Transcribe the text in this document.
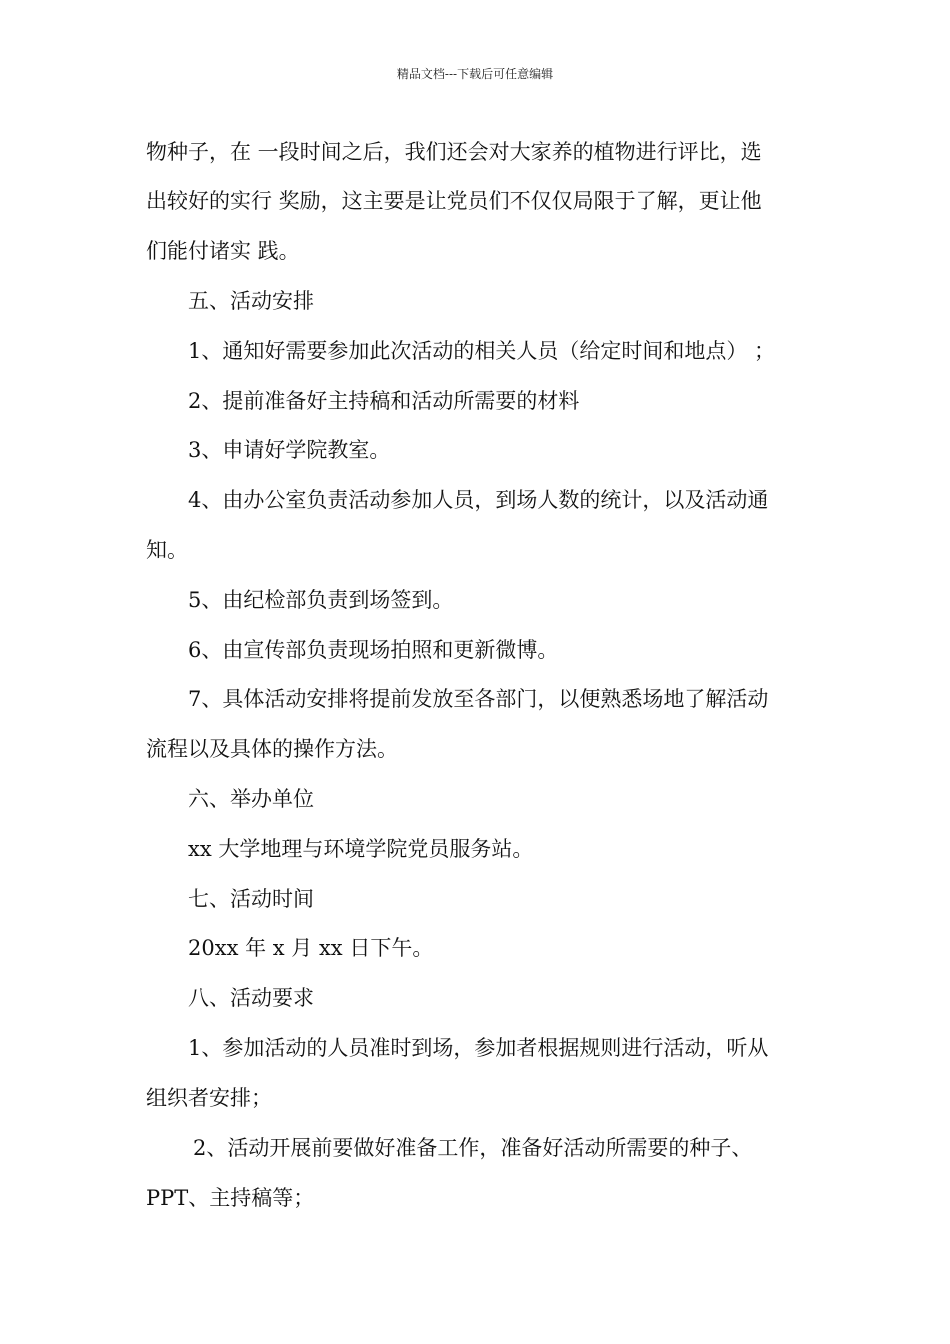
精品文档---下载后可任意编辑
物种子，在 一段时间之后，我们还会对大家养的植物进行评比，选
出较好的实行 奖励，这主要是让党员们不仅仅局限于了解，更让他
们能付诸实 践。
五、活动安排
1、通知好需要参加此次活动的相关人员（给定时间和地点） ；
2、提前准备好主持稿和活动所需要的材料
3、申请好学院教室。
4、由办公室负责活动参加人员，到场人数的统计，以及活动通
知。
5、由纪检部负责到场签到。
6、由宣传部负责现场拍照和更新微博。
7、具体活动安排将提前发放至各部门，以便熟悉场地了解活动
流程以及具体的操作方法。
六、举办单位
xx 大学地理与环境学院党员服务站。
七、活动时间
20xx 年 x 月 xx 日下午。
八、活动要求
1、参加活动的人员准时到场，参加者根据规则进行活动，听从
组织者安排；
2、活动开展前要做好准备工作，准备好活动所需要的种子、
PPT、主持稿等；
